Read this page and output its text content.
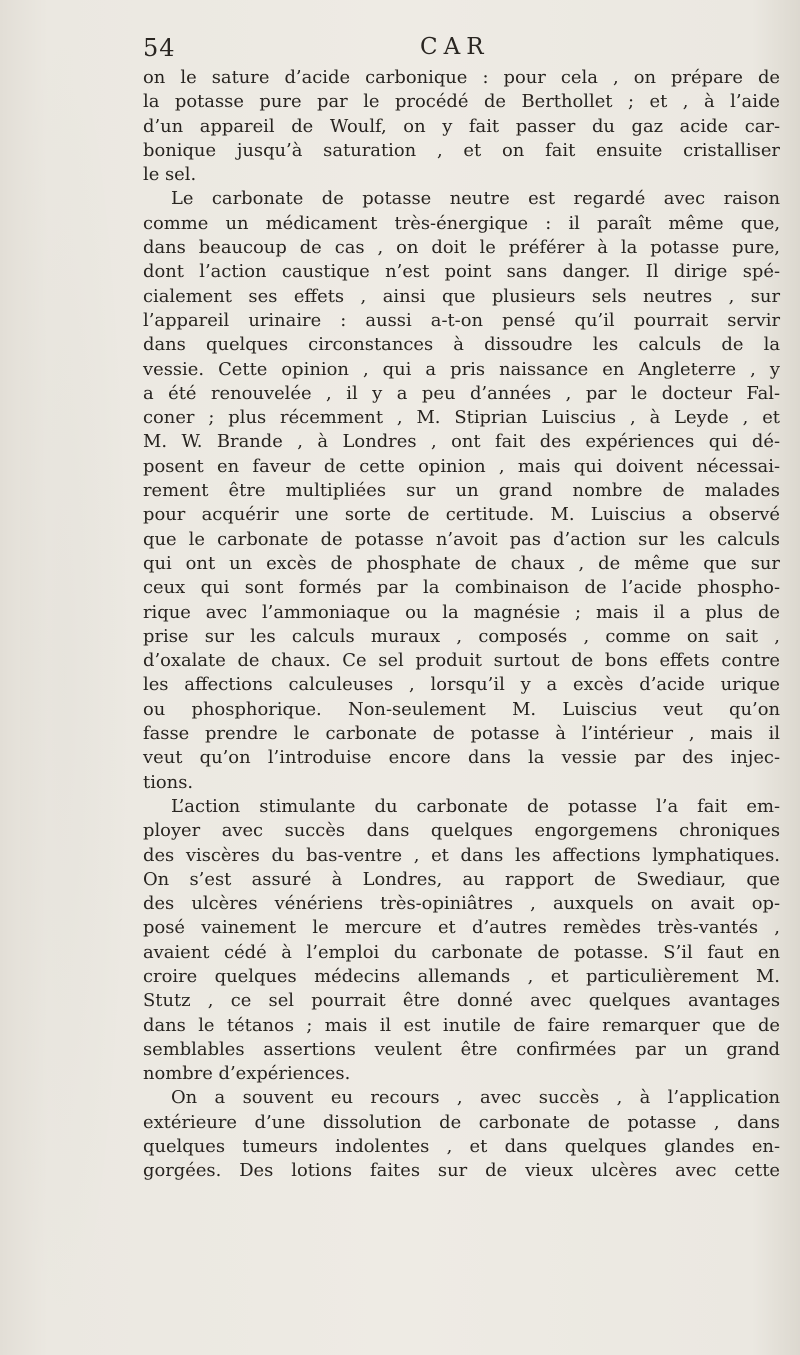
54	CAR
on le sature d’acide carbonique : pour cela , on prépare de
la potasse pure par le procédé de Berthollet ; et , à l’aide
d’un appareil de Woulf, on y fait passer du gaz acide car-
bonique jusqu’à saturation , et on fait ensuite cristalliser
le sel.
Le carbonate de potasse neutre est regardé avec raison
comme un médicament très-énergique : il paraît même que,
dans beaucoup de cas , on doit le préférer à la potasse pure,
dont l’action caustique n’est point sans danger. Il dirige spé-
cialement ses effets , ainsi que plusieurs sels neutres , sur
l’appareil urinaire : aussi a-t-on pensé qu’il pourrait servir
dans quelques circonstances à dissoudre les calculs de la
vessie. Cette opinion , qui a pris naissance en Angleterre , y
a été renouvelée , il y a peu d’années , par le docteur Fal-
coner ; plus récemment , M. Stiprian Luiscius , à Leyde , et
M. W. Brande , à Londres , ont fait des expériences qui dé-
posent en faveur de cette opinion , mais qui doivent nécessai-
rement être multipliées sur un grand nombre de malades
pour acquérir une sorte de certitude. M. Luiscius a observé
que le carbonate de potasse n’avoit pas d’action sur les calculs
qui ont un excès de phosphate de chaux , de même que sur
ceux qui sont formés par la combinaison de l’acide phospho-
rique avec l’ammoniaque ou la magnésie ; mais il a plus de
prise sur les calculs muraux , composés , comme on sait ,
d’oxalate de chaux. Ce sel produit surtout de bons effets contre
les affections calculeuses , lorsqu’il y a excès d’acide urique
ou phosphorique. Non-seulement M. Luiscius veut qu’on
fasse prendre le carbonate de potasse à l’intérieur , mais il
veut qu’on l’introduise encore dans la vessie par des injec-
tions.
L’action stimulante du carbonate de potasse l’a fait em-
ployer avec succès dans quelques engorgemens chroniques
des viscères du bas-ventre , et dans les affections lymphatiques.
On s’est assuré à Londres, au rapport de Swediaur, que
des ulcères vénériens très-opiniâtres , auxquels on avait op-
posé vainement le mercure et d’autres remèdes très-vantés ,
avaient cédé à l’emploi du carbonate de potasse. S’il faut en
croire quelques médecins allemands , et particulièrement M.
Stutz , ce sel pourrait être donné avec quelques avantages
dans le tétanos ; mais il est inutile de faire remarquer que de
semblables assertions veulent être confirmées par un grand
nombre d’expériences.
On a souvent eu recours , avec succès , à l’application
extérieure d’une dissolution de carbonate de potasse , dans
quelques tumeurs indolentes , et dans quelques glandes en-
gorgées. Des lotions faites sur de vieux ulcères avec cette
